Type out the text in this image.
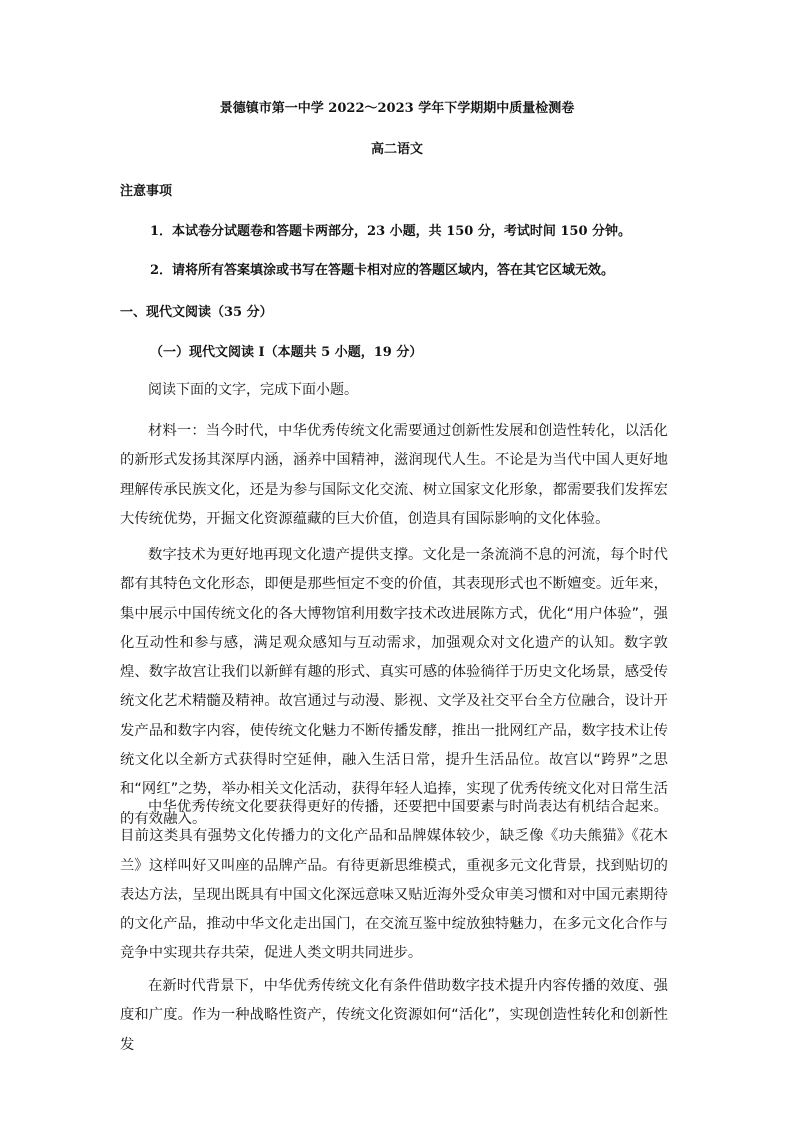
景德镇市第一中学 2022～2023 学年下学期期中质量检测卷

高二语文

注意事项

1．本试卷分试题卷和答题卡两部分，23 小题，共 150 分，考试时间 150 分钟。

2．请将所有答案填涂或书写在答题卡相对应的答题区域内，答在其它区域无效。

一、现代文阅读（35 分）

（一）现代文阅读 I（本题共 5 小题，19 分）

阅读下面的文字，完成下面小题。

材料一：当今时代，中华优秀传统文化需要通过创新性发展和创造性转化，以活化的新形式发扬其深厚内涵，涵养中国精神，滋润现代人生。不论是为当代中国人更好地理解传承民族文化，还是为参与国际文化交流、树立国家文化形象，都需要我们发挥宏大传统优势，开掘文化资源蕴藏的巨大价值，创造具有国际影响的文化体验。

数字技术为更好地再现文化遗产提供支撑。文化是一条流淌不息的河流，每个时代都有其特色文化形态，即便是那些恒定不变的价值，其表现形式也不断嬗变。近年来，集中展示中国传统文化的各大博物馆利用数字技术改进展陈方式，优化“用户体验”，强化互动性和参与感，满足观众感知与互动需求，加强观众对文化遗产的认知。数字敦煌、数字故宫让我们以新鲜有趣的形式、真实可感的体验徜徉于历史文化场景，感受传统文化艺术精髓及精神。故宫通过与动漫、影视、文学及社交平台全方位融合，设计开发产品和数字内容，使传统文化魅力不断传播发酵，推出一批网红产品，数字技术让传统文化以全新方式获得时空延伸，融入生活日常，提升生活品位。故宫以“跨界”之思和“网红”之势，举办相关文化活动，获得年轻人追捧，实现了优秀传统文化对日常生活的有效融入。

中华优秀传统文化要获得更好的传播，还要把中国要素与时尚表达有机结合起来。目前这类具有强势文化传播力的文化产品和品牌媒体较少，缺乏像《功夫熊猫》《花木兰》这样叫好又叫座的品牌产品。有待更新思维模式，重视多元文化背景，找到贴切的表达方法，呈现出既具有中国文化深远意味又贴近海外受众审美习惯和对中国元素期待的文化产品，推动中华文化走出国门，在交流互鉴中绽放独特魅力，在多元文化合作与竞争中实现共存共荣，促进人类文明共同进步。

在新时代背景下，中华优秀传统文化有条件借助数字技术提升内容传播的效度、强度和广度。作为一种战略性资产，传统文化资源如何“活化”，实现创造性转化和创新性发
